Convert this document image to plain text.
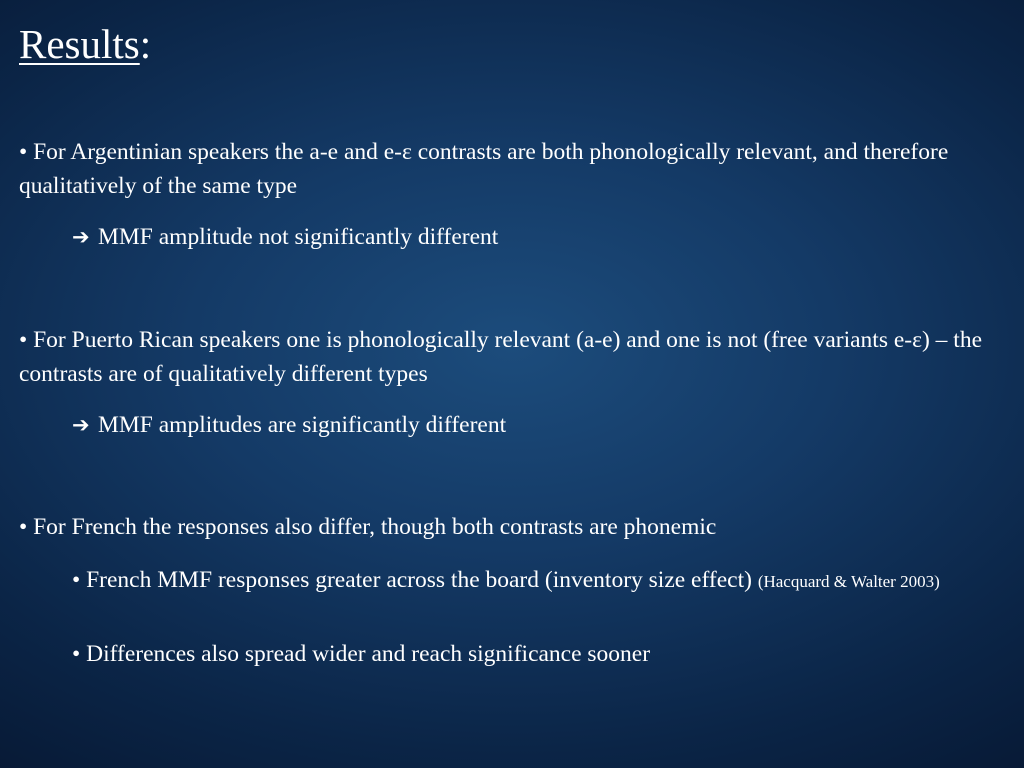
Results:

• For Argentinian speakers the a-e and e-ε contrasts are both phonologically relevant, and therefore qualitatively of the same type

➔ MMF amplitude not significantly different

• For Puerto Rican speakers one is phonologically relevant (a-e) and one is not (free variants e-ε) – the contrasts are of qualitatively different types

➔ MMF amplitudes are significantly different

• For French the responses also differ, though both contrasts are phonemic

• French MMF responses greater across the board (inventory size effect) (Hacquard & Walter 2003)
• Differences also spread wider and reach significance sooner
